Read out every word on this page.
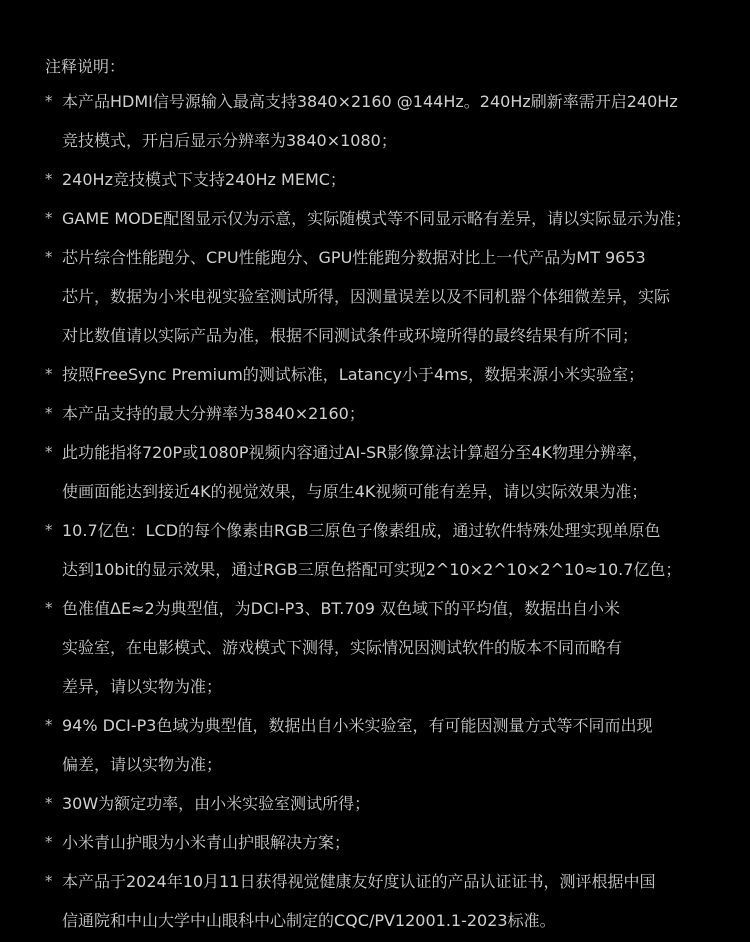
注释说明：
* 本产品HDMI信号源输入最高支持3840×2160 @144Hz。240Hz刷新率需开启240Hz
竞技模式，开启后显示分辨率为3840×1080；
* 240Hz竞技模式下支持240Hz MEMC；
* GAME MODE配图显示仅为示意，实际随模式等不同显示略有差异，请以实际显示为准；
* 芯片综合性能跑分、CPU性能跑分、GPU性能跑分数据对比上一代产品为MT 9653
芯片，数据为小米电视实验室测试所得，因测量误差以及不同机器个体细微差异，实际
对比数值请以实际产品为准，根据不同测试条件或环境所得的最终结果有所不同；
* 按照FreeSync Premium的测试标准，Latancy小于4ms，数据来源小米实验室；
* 本产品支持的最大分辨率为3840×2160；
* 此功能指将720P或1080P视频内容通过AI-SR影像算法计算超分至4K物理分辨率，
使画面能达到接近4K的视觉效果，与原生4K视频可能有差异，请以实际效果为准；
* 10.7亿色：LCD的每个像素由RGB三原色子像素组成，通过软件特殊处理实现单原色
达到10bit的显示效果，通过RGB三原色搭配可实现2^10×2^10×2^10≈10.7亿色；
* 色准值ΔE≈2为典型值，为DCI-P3、BT.709 双色域下的平均值，数据出自小米
实验室，在电影模式、游戏模式下测得，实际情况因测试软件的版本不同而略有
差异，请以实物为准；
* 94% DCI-P3色域为典型值，数据出自小米实验室，有可能因测量方式等不同而出现
偏差，请以实物为准；
* 30W为额定功率，由小米实验室测试所得；
* 小米青山护眼为小米青山护眼解决方案；
* 本产品于2024年10月11日获得视觉健康友好度认证的产品认证证书，测评根据中国
信通院和中山大学中山眼科中心制定的CQC/PV12001.1-2023标准。
